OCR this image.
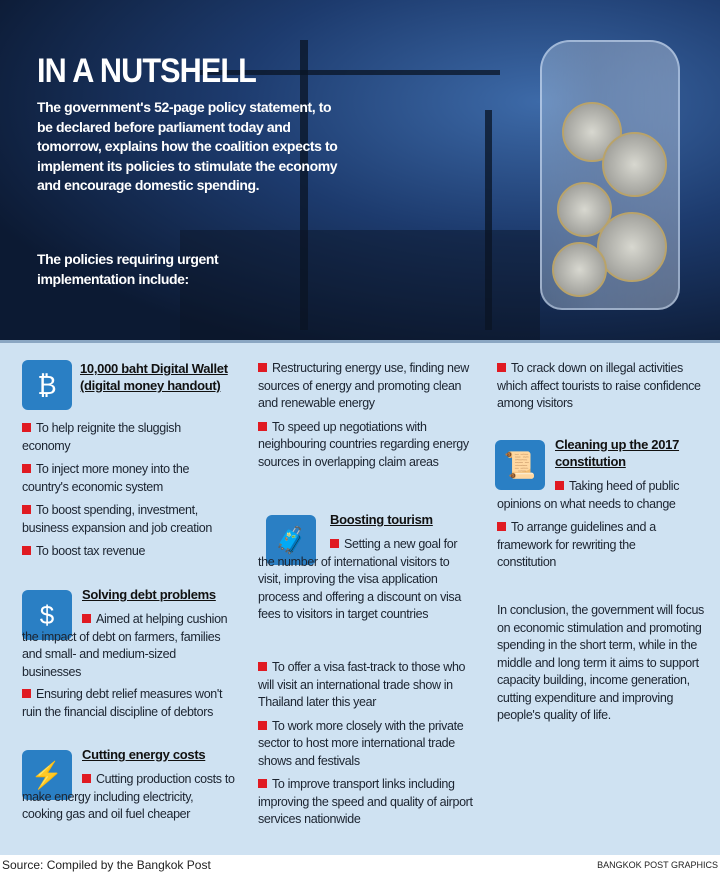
IN A NUTSHELL
The government's 52-page policy statement, to be declared before parliament today and tomorrow, explains how the coalition expects to implement its policies to stimulate the economy and encourage domestic spending.
The policies requiring urgent implementation include:
₿
10,000 baht Digital Wallet (digital money handout)

To help reignite the sluggish economy

To inject more money into the country's economic system

To boost spending, investment, business expansion and job creation

To boost tax revenue

$
Solving debt problems

Aimed at helping cushion the impact of debt on farmers, families and small- and medium-sized businesses

Ensuring debt relief measures won't ruin the financial discipline of debtors

⚡
Cutting energy costs

Cutting production costs to make energy including electricity, cooking gas and oil fuel cheaper

Restructuring energy use, finding new sources of energy and promoting clean and renewable energy

To speed up negotiations with neighbouring countries regarding energy sources in overlapping claim areas

🧳
Boosting tourism

Setting a new goal for the number of international visitors to visit, improving the visa application process and offering a discount on visa fees to visitors in target countries

To offer a visa fast-track to those who will visit an international trade show in Thailand later this year

To work more closely with the private sector to host more international trade shows and festivals

To improve transport links including improving the speed and quality of airport services nationwide

To crack down on illegal activities which affect tourists to raise confidence among visitors

📜
Cleaning up the 2017 constitution

Taking heed of public opinions on what needs to change

To arrange guidelines and a framework for rewriting the constitution

In conclusion, the government will focus on economic stimulation and promoting spending in the short term, while in the middle and long term it aims to support capacity building, income generation, cutting expenditure and improving people's quality of life.
Source: Compiled by the Bangkok Post	BANGKOK POST GRAPHICS
